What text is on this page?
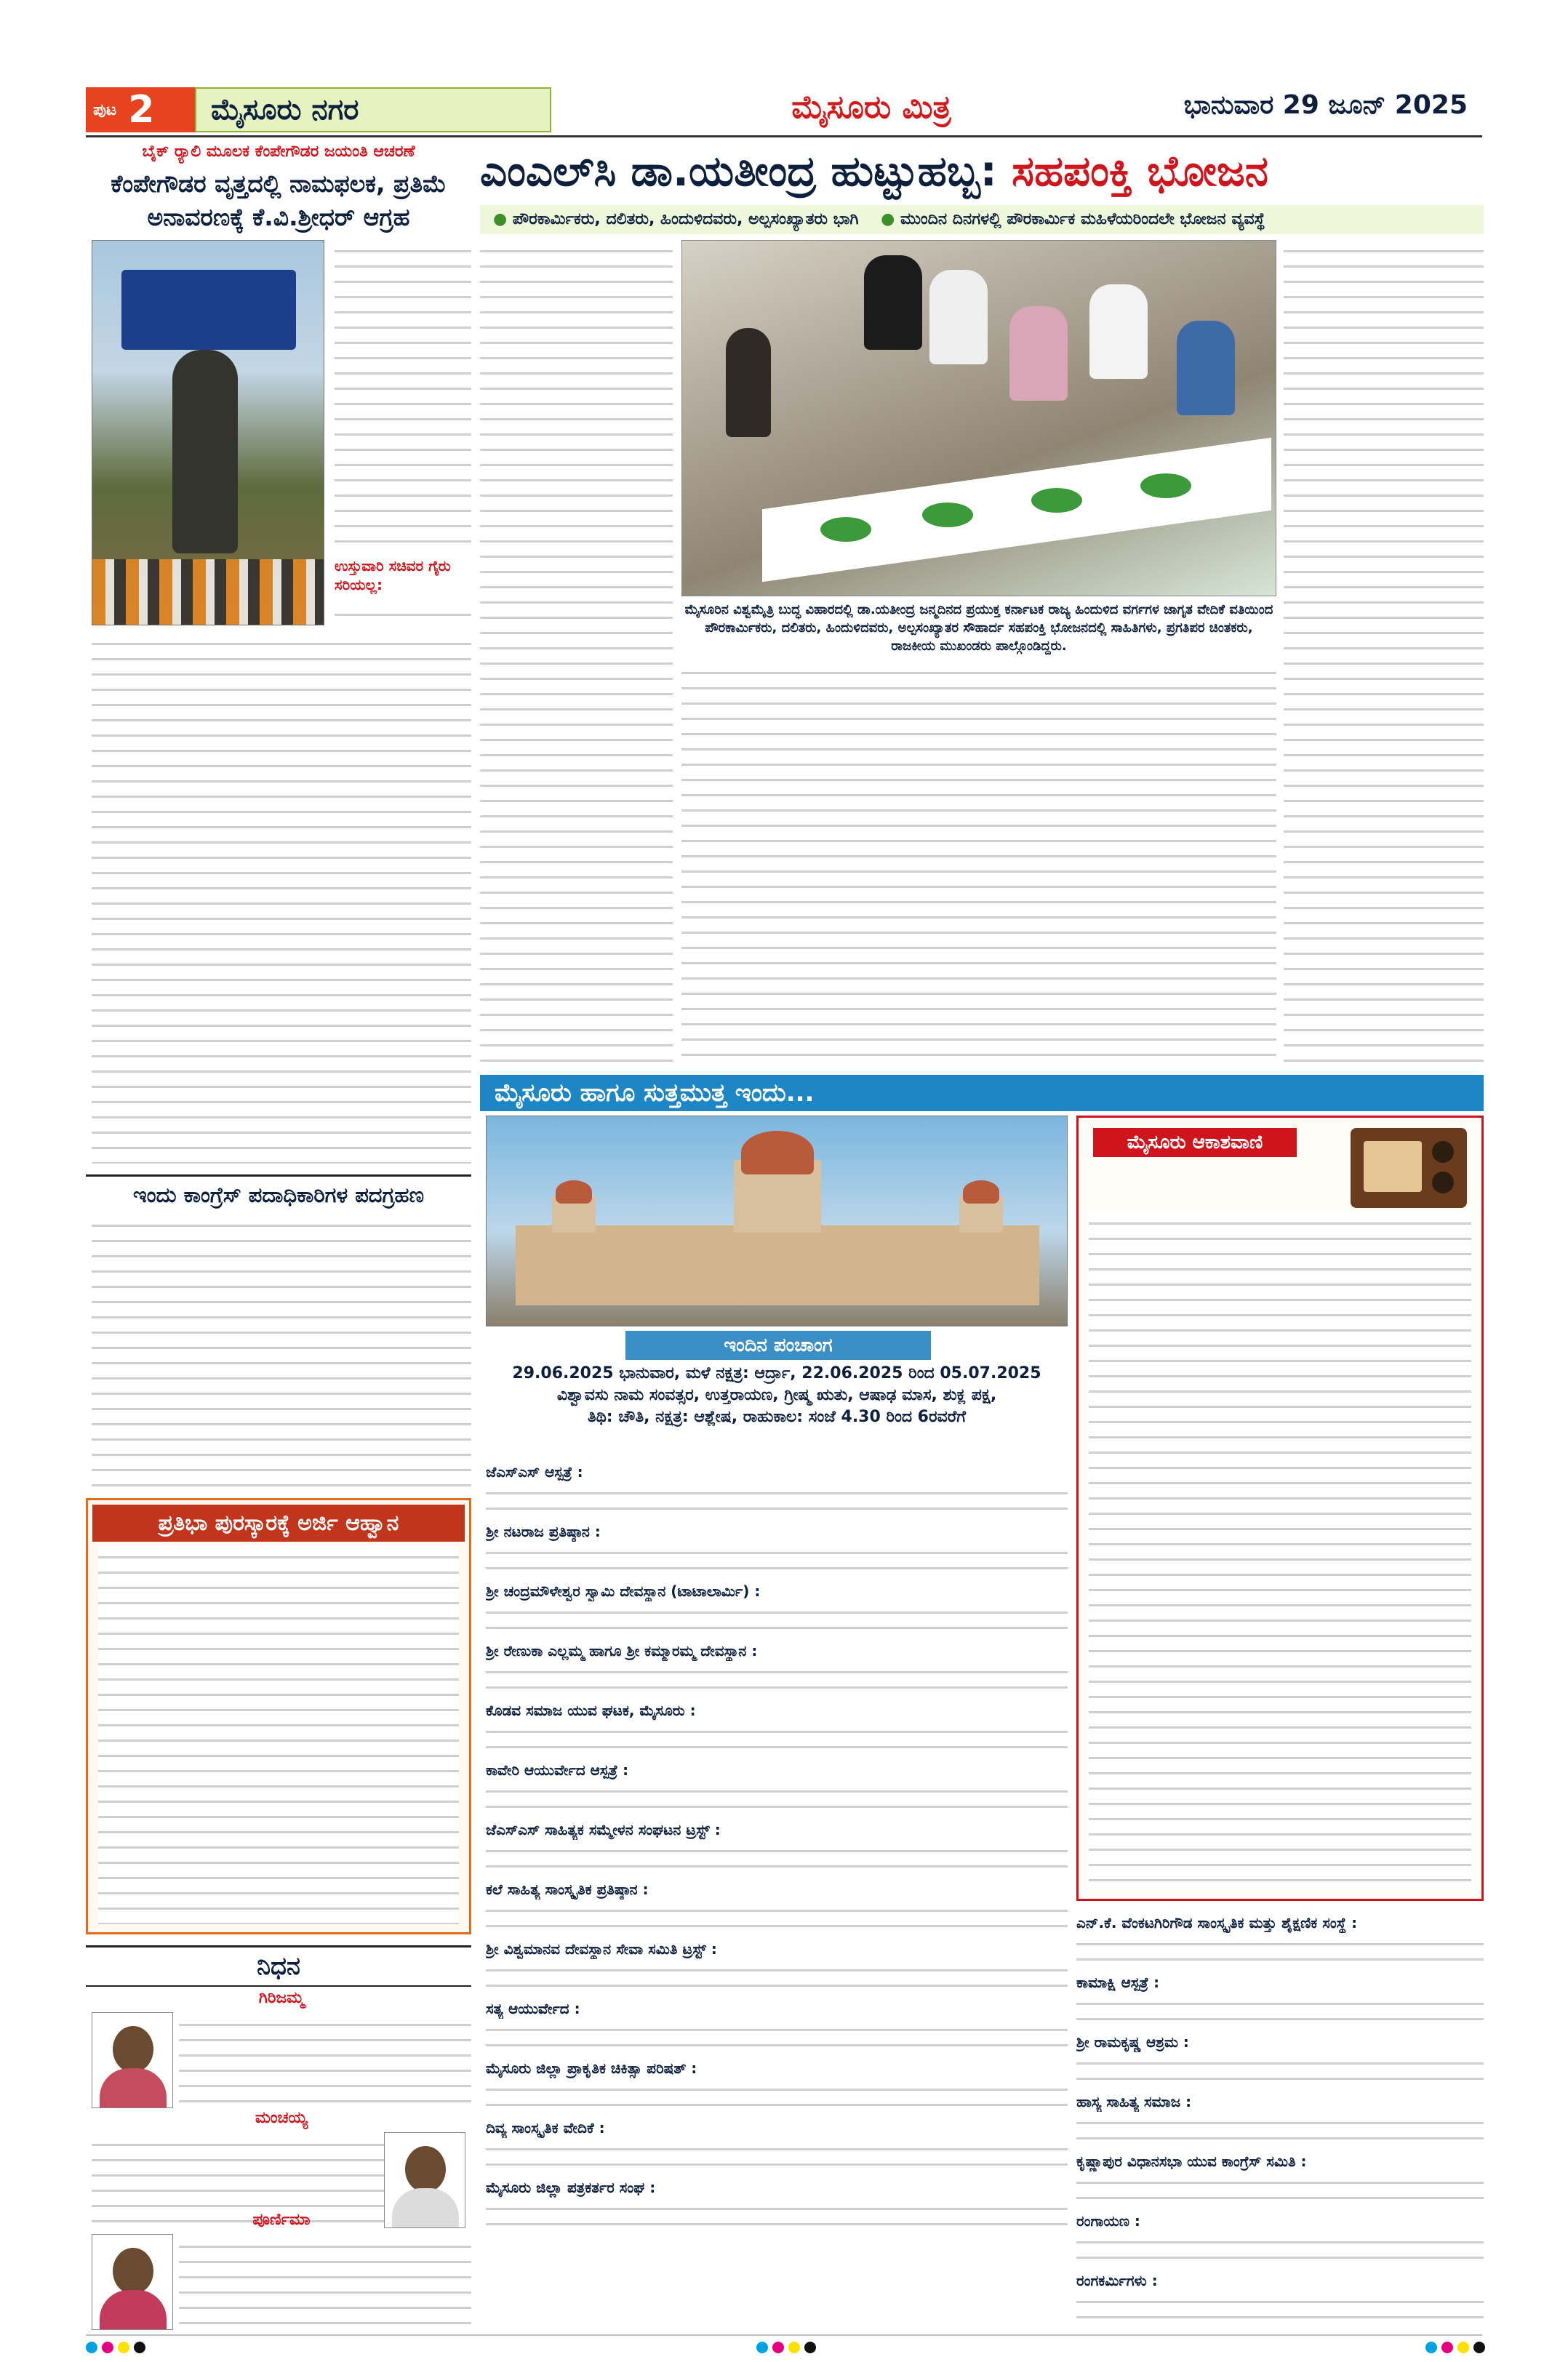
ಪುಟ 2	ಮೈಸೂರು ನಗರ	ಮೈಸೂರು ಮಿತ್ರ	ಭಾನುವಾರ 29 ಜೂನ್ 2025
ಬೈಕ್ ರ್‍ಯಾಲಿ ಮೂಲಕ ಕೆಂಪೇಗೌಡರ ಜಯಂತಿ ಆಚರಣೆ
ಕೆಂಪೇಗೌಡರ ವೃತ್ತದಲ್ಲಿ ನಾಮಫಲಕ, ಪ್ರತಿಮೆ ಅನಾವರಣಕ್ಕೆ ಕೆ.ವಿ.ಶ್ರೀಧರ್ ಆಗ್ರಹ
ಉಸ್ತುವಾರಿ ಸಚಿವರ ಗೈರು ಸರಿಯಲ್ಲ:
ಇಂದು ಕಾಂಗ್ರೆಸ್ ಪದಾಧಿಕಾರಿಗಳ ಪದಗ್ರಹಣ
ಪ್ರತಿಭಾ ಪುರಸ್ಕಾರಕ್ಕೆ ಅರ್ಜಿ ಆಹ್ವಾನ
ನಿಧನ
ಗಿರಿಜಮ್ಮ
ಮಂಚಯ್ಯ
ಪೂರ್ಣಿಮಾ
ಎಂಎಲ್‌ಸಿ ಡಾ.ಯತೀಂದ್ರ ಹುಟ್ಟುಹಬ್ಬ: ಸಹಪಂಕ್ತಿ ಭೋಜನ
● ಪೌರಕಾರ್ಮಿಕರು, ದಲಿತರು, ಹಿಂದುಳಿದವರು, ಅಲ್ಪಸಂಖ್ಯಾತರು ಭಾಗಿ ● ಮುಂದಿನ ದಿನಗಳಲ್ಲಿ ಪೌರಕಾರ್ಮಿಕ ಮಹಿಳೆಯರಿಂದಲೇ ಭೋಜನ ವ್ಯವಸ್ಥೆ
ಮೈಸೂರಿನ ವಿಶ್ವಮೈತ್ರಿ ಬುದ್ಧ ವಿಹಾರದಲ್ಲಿ ಡಾ.ಯತೀಂದ್ರ ಜನ್ಮದಿನದ ಪ್ರಯುಕ್ತ ಕರ್ನಾಟಕ ರಾಜ್ಯ ಹಿಂದುಳಿದ ವರ್ಗಗಳ ಜಾಗೃತ ವೇದಿಕೆ ವತಿಯಿಂದ ಪೌರಕಾರ್ಮಿಕರು, ದಲಿತರು, ಹಿಂದುಳಿದವರು, ಅಲ್ಪಸಂಖ್ಯಾತರ ಸೌಹಾರ್ದ ಸಹಪಂಕ್ತಿ ಭೋಜನದಲ್ಲಿ ಸಾಹಿತಿಗಳು, ಪ್ರಗತಿಪರ ಚಿಂತಕರು, ರಾಜಕೀಯ ಮುಖಂಡರು ಪಾಲ್ಗೊಂಡಿದ್ದರು.
ಮೈಸೂರು ಹಾಗೂ ಸುತ್ತಮುತ್ತ ಇಂದು...
ಇಂದಿನ ಪಂಚಾಂಗ
29.06.2025 ಭಾನುವಾರ, ಮಳೆ ನಕ್ಷತ್ರ: ಆರ್ದ್ರಾ, 22.06.2025 ರಿಂದ 05.07.2025
ವಿಶ್ವಾವಸು ನಾಮ ಸಂವತ್ಸರ, ಉತ್ತರಾಯಣ, ಗ್ರೀಷ್ಮ ಋತು, ಆಷಾಢ ಮಾಸ, ಶುಕ್ಲ ಪಕ್ಷ,
ತಿಥಿ: ಚೌತಿ, ನಕ್ಷತ್ರ: ಆಶ್ಲೇಷ, ರಾಹುಕಾಲ: ಸಂಜೆ 4.30 ರಿಂದ 6ರವರೆಗೆ
ಮೈಸೂರು ಆಕಾಶವಾಣಿ
ಜೆಎಸ್‌ಎಸ್ ಆಸ್ಪತ್ರೆ :
ಶ್ರೀ ನಟರಾಜ ಪ್ರತಿಷ್ಠಾನ :
ಶ್ರೀ ಚಂದ್ರಮೌಳೇಶ್ವರ ಸ್ವಾಮಿ ದೇವಸ್ಥಾನ (ಟಾಟಾಲಾರ್ಮಿ) :
ಶ್ರೀ ರೇಣುಕಾ ಎಲ್ಲಮ್ಮ ಹಾಗೂ ಶ್ರೀ ಕಮ್ಮಾರಮ್ಮ ದೇವಸ್ಥಾನ :
ಕೊಡವ ಸಮಾಜ ಯುವ ಘಟಕ, ಮೈಸೂರು :
ಕಾವೇರಿ ಆಯುರ್ವೇದ ಆಸ್ಪತ್ರೆ :
ಜೆಎಸ್‌ಎಸ್ ಸಾಹಿತ್ಯಕ ಸಮ್ಮೇಳನ ಸಂಘಟನ ಟ್ರಸ್ಟ್ :
ಕಲೆ ಸಾಹಿತ್ಯ ಸಾಂಸ್ಕೃತಿಕ ಪ್ರತಿಷ್ಠಾನ :
ಶ್ರೀ ವಿಶ್ವಮಾನವ ದೇವಸ್ಥಾನ ಸೇವಾ ಸಮಿತಿ ಟ್ರಸ್ಟ್ :
ಸತ್ಯ ಆಯುರ್ವೇದ :
ಮೈಸೂರು ಜಿಲ್ಲಾ ಪ್ರಾಕೃತಿಕ ಚಿಕಿತ್ಸಾ ಪರಿಷತ್ :
ದಿವ್ಯ ಸಾಂಸ್ಕೃತಿಕ ವೇದಿಕೆ :
ಮೈಸೂರು ಜಿಲ್ಲಾ ಪತ್ರಕರ್ತರ ಸಂಘ :
ಎನ್.ಕೆ. ವೆಂಕಟಗಿರಿಗೌಡ ಸಾಂಸ್ಕೃತಿಕ ಮತ್ತು ಶೈಕ್ಷಣಿಕ ಸಂಸ್ಥೆ :
ಕಾಮಾಕ್ಷಿ ಆಸ್ಪತ್ರೆ :
ಶ್ರೀ ರಾಮಕೃಷ್ಣ ಆಶ್ರಮ :
ಹಾಸ್ಯ ಸಾಹಿತ್ಯ ಸಮಾಜ :
ಕೃಷ್ಣಾಪುರ ವಿಧಾನಸಭಾ ಯುವ ಕಾಂಗ್ರೆಸ್ ಸಮಿತಿ :
ರಂಗಾಯಣ :
ರಂಗಕರ್ಮಿಗಳು :
